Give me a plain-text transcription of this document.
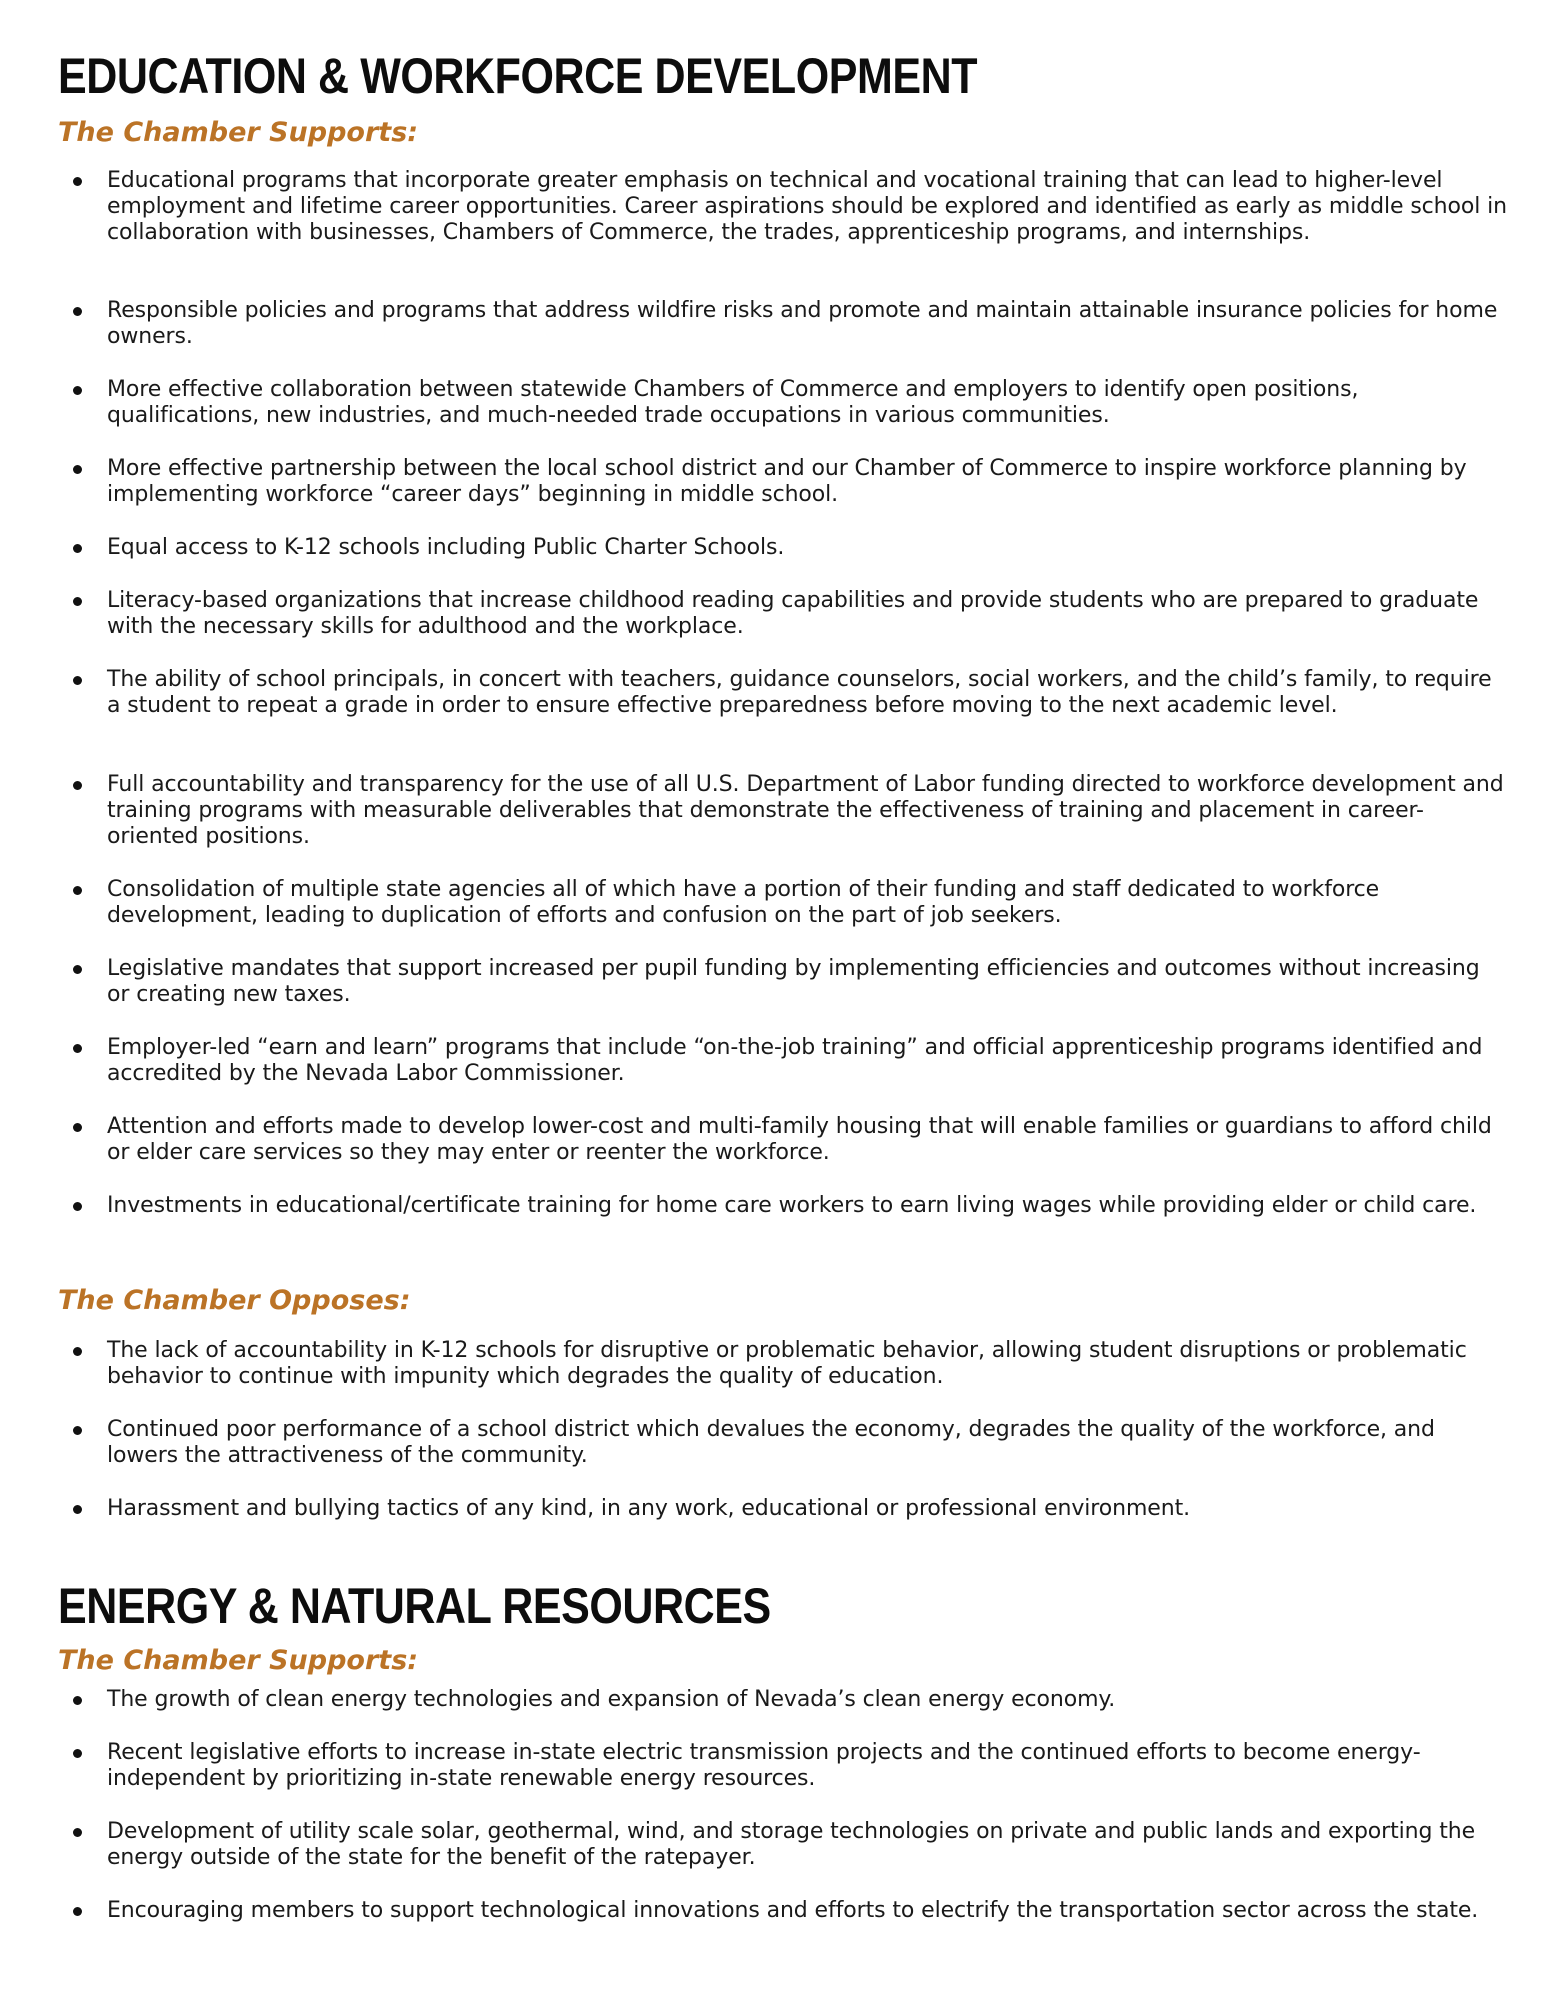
EDUCATION & WORKFORCE DEVELOPMENT
The Chamber Supports:
Educational programs that incorporate greater emphasis on technical and vocational training that can lead to higher-level employment and lifetime career opportunities. Career aspirations should be explored and identified as early as middle school in collaboration with businesses, Chambers of Commerce, the trades, apprenticeship programs, and internships.
Responsible policies and programs that address wildfire risks and promote and maintain attainable insurance policies for home owners.
More effective collaboration between statewide Chambers of Commerce and employers to identify open positions, qualifications, new industries, and much-needed trade occupations in various communities.
More effective partnership between the local school district and our Chamber of Commerce to inspire workforce planning by implementing workforce “career days” beginning in middle school.
Equal access to K-12 schools including Public Charter Schools.
Literacy-based organizations that increase childhood reading capabilities and provide students who are prepared to graduate with the necessary skills for adulthood and the workplace.
The ability of school principals, in concert with teachers, guidance counselors, social workers, and the child’s family, to require a student to repeat a grade in order to ensure effective preparedness before moving to the next academic level.
Full accountability and transparency for the use of all U.S. Department of Labor funding directed to workforce development and training programs with measurable deliverables that demonstrate the effectiveness of training and placement in career-oriented positions.
Consolidation of multiple state agencies all of which have a portion of their funding and staff dedicated to workforce development, leading to duplication of efforts and confusion on the part of job seekers.
Legislative mandates that support increased per pupil funding by implementing efficiencies and outcomes without increasing or creating new taxes.
Employer-led “earn and learn” programs that include “on-the-job training” and official apprenticeship programs identified and accredited by the Nevada Labor Commissioner.
Attention and efforts made to develop lower-cost and multi-family housing that will enable families or guardians to afford child or elder care services so they may enter or reenter the workforce.
Investments in educational/certificate training for home care workers to earn living wages while providing elder or child care.
The Chamber Opposes:
The lack of accountability in K-12 schools for disruptive or problematic behavior, allowing student disruptions or problematic behavior to continue with impunity which degrades the quality of education.
Continued poor performance of a school district which devalues the economy, degrades the quality of the workforce, and lowers the attractiveness of the community.
Harassment and bullying tactics of any kind, in any work, educational or professional environment.
ENERGY & NATURAL RESOURCES
The Chamber Supports:
The growth of clean energy technologies and expansion of Nevada’s clean energy economy.
Recent legislative efforts to increase in-state electric transmission projects and the continued efforts to become energy-independent by prioritizing in-state renewable energy resources.
Development of utility scale solar, geothermal, wind, and storage technologies on private and public lands and exporting the energy outside of the state for the benefit of the ratepayer.
Encouraging members to support technological innovations and efforts to electrify the transportation sector across the state.
